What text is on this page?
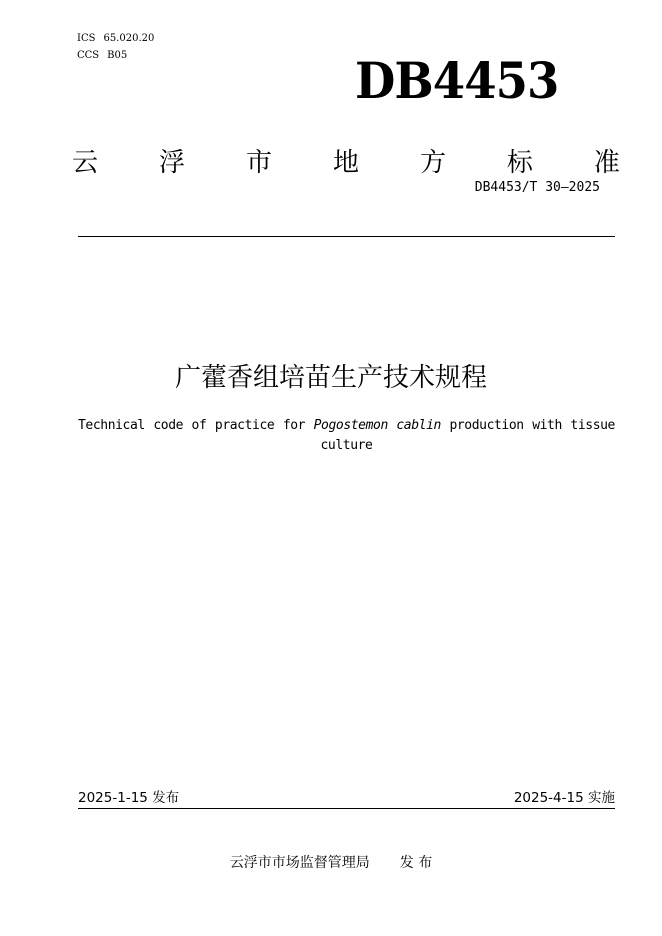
ICS 65.020.20
CCS B05	DB4453
云 浮 市 地 方 标 准
DB4453/T 30—2025
广藿香组培苗生产技术规程
Technical code of practice for Pogostemon cablin production with tissue
culture
2025-1-15 发布	2025-4-15 实施
云浮市市场监督管理局 发 布
